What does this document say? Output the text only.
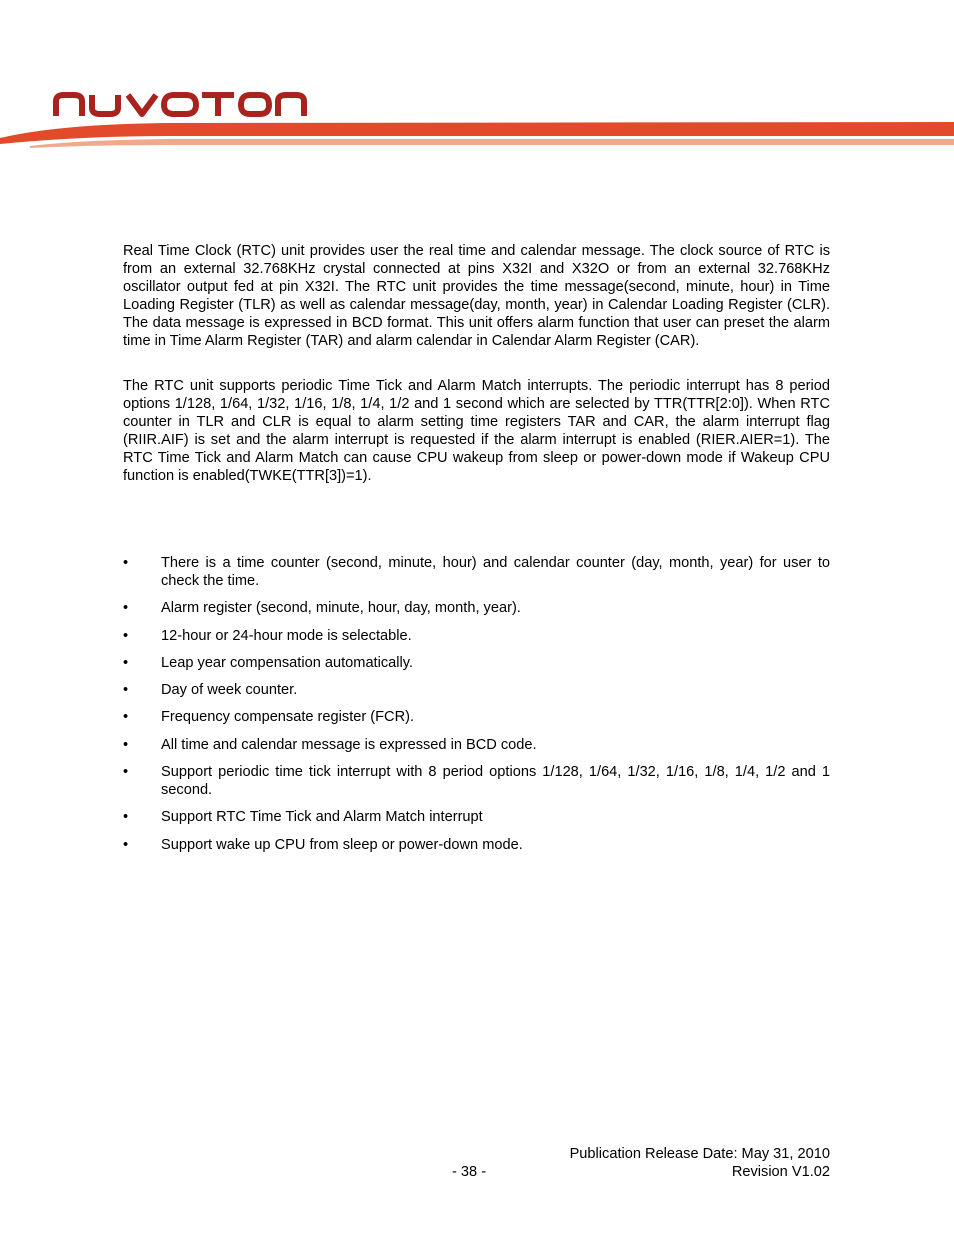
Real Time Clock (RTC) unit provides user the real time and calendar message. The clock source of RTC is from an external 32.768KHz crystal connected at pins X32I and X32O or from an external 32.768KHz oscillator output fed at pin X32I. The RTC unit provides the time message(second, minute, hour) in Time Loading Register (TLR) as well as calendar message(day, month, year) in Calendar Loading Register (CLR). The data message is expressed in BCD format. This unit offers alarm function that user can preset the alarm time in Time Alarm Register (TAR) and alarm calendar in Calendar Alarm Register (CAR).

The RTC unit supports periodic Time Tick and Alarm Match interrupts. The periodic interrupt has 8 period options 1/128, 1/64, 1/32, 1/16, 1/8, 1/4, 1/2 and 1 second which are selected by TTR(TTR[2:0]). When RTC counter in TLR and CLR is equal to alarm setting time registers TAR and CAR, the alarm interrupt flag (RIIR.AIF) is set and the alarm interrupt is requested if the alarm interrupt is enabled (RIER.AIER=1). The RTC Time Tick and Alarm Match can cause CPU wakeup from sleep or power-down mode if Wakeup CPU function is enabled(TWKE(TTR[3])=1).

• There is a time counter (second, minute, hour) and calendar counter (day, month, year) for user to check the time.
• Alarm register (second, minute, hour, day, month, year).
• 12-hour or 24-hour mode is selectable.
• Leap year compensation automatically.
• Day of week counter.
• Frequency compensate register (FCR).
• All time and calendar message is expressed in BCD code.
• Support periodic time tick interrupt with 8 period options 1/128, 1/64, 1/32, 1/16, 1/8, 1/4, 1/2 and 1 second.
• Support RTC Time Tick and Alarm Match interrupt
• Support wake up CPU from sleep or power-down mode.
Publication Release Date: May 31, 2010
- 38 -	Revision V1.02
